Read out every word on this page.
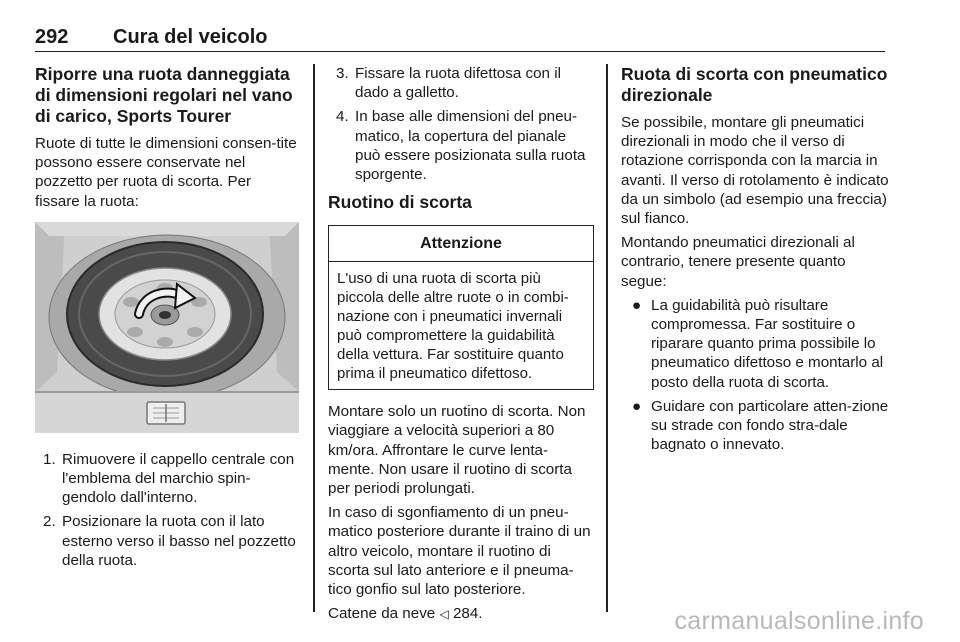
292 Cura del veicolo
Riporre una ruota danneggiata di dimensioni regolari nel vano di carico, Sports Tourer

Ruote di tutte le dimensioni consen-tite possono essere conservate nel pozzetto per ruota di scorta. Per fissare la ruota:

1. Rimuovere il cappello centrale con l'emblema del marchio spin-gendolo dall'interno.
2. Posizionare la ruota con il lato esterno verso il basso nel pozzetto della ruota.
3. Fissare la ruota difettosa con il dado a galletto.
4. In base alle dimensioni del pneu-matico, la copertura del pianale può essere posizionata sulla ruota sporgente.
Ruotino di scorta
Attenzione
L'uso di una ruota di scorta più piccola delle altre ruote o in combi-nazione con i pneumatici invernali può compromettere la guidabilità della vettura. Far sostituire quanto prima il pneumatico difettoso.

Montare solo un ruotino di scorta. Non viaggiare a velocità superiori a 80 km/ora. Affrontare le curve lenta-mente. Non usare il ruotino di scorta per periodi prolungati.

In caso di sgonfiamento di un pneu-matico posteriore durante il traino di un altro veicolo, montare il ruotino di scorta sul lato anteriore e il pneuma-tico gonfio sul lato posteriore.

Catene da neve ◁ 284.

Ruota di scorta con pneumatico direzionale

Se possibile, montare gli pneumatici direzionali in modo che il verso di rotazione corrisponda con la marcia in avanti. Il verso di rotolamento è indicato da un simbolo (ad esempio una freccia) sul fianco.

Montando pneumatici direzionali al contrario, tenere presente quanto segue:

● La guidabilità può risultare compromessa. Far sostituire o riparare quanto prima possibile lo pneumatico difettoso e montarlo al posto della ruota di scorta.
● Guidare con particolare atten-zione su strade con fondo stra-dale bagnato o innevato.
carmanualsonline.info
